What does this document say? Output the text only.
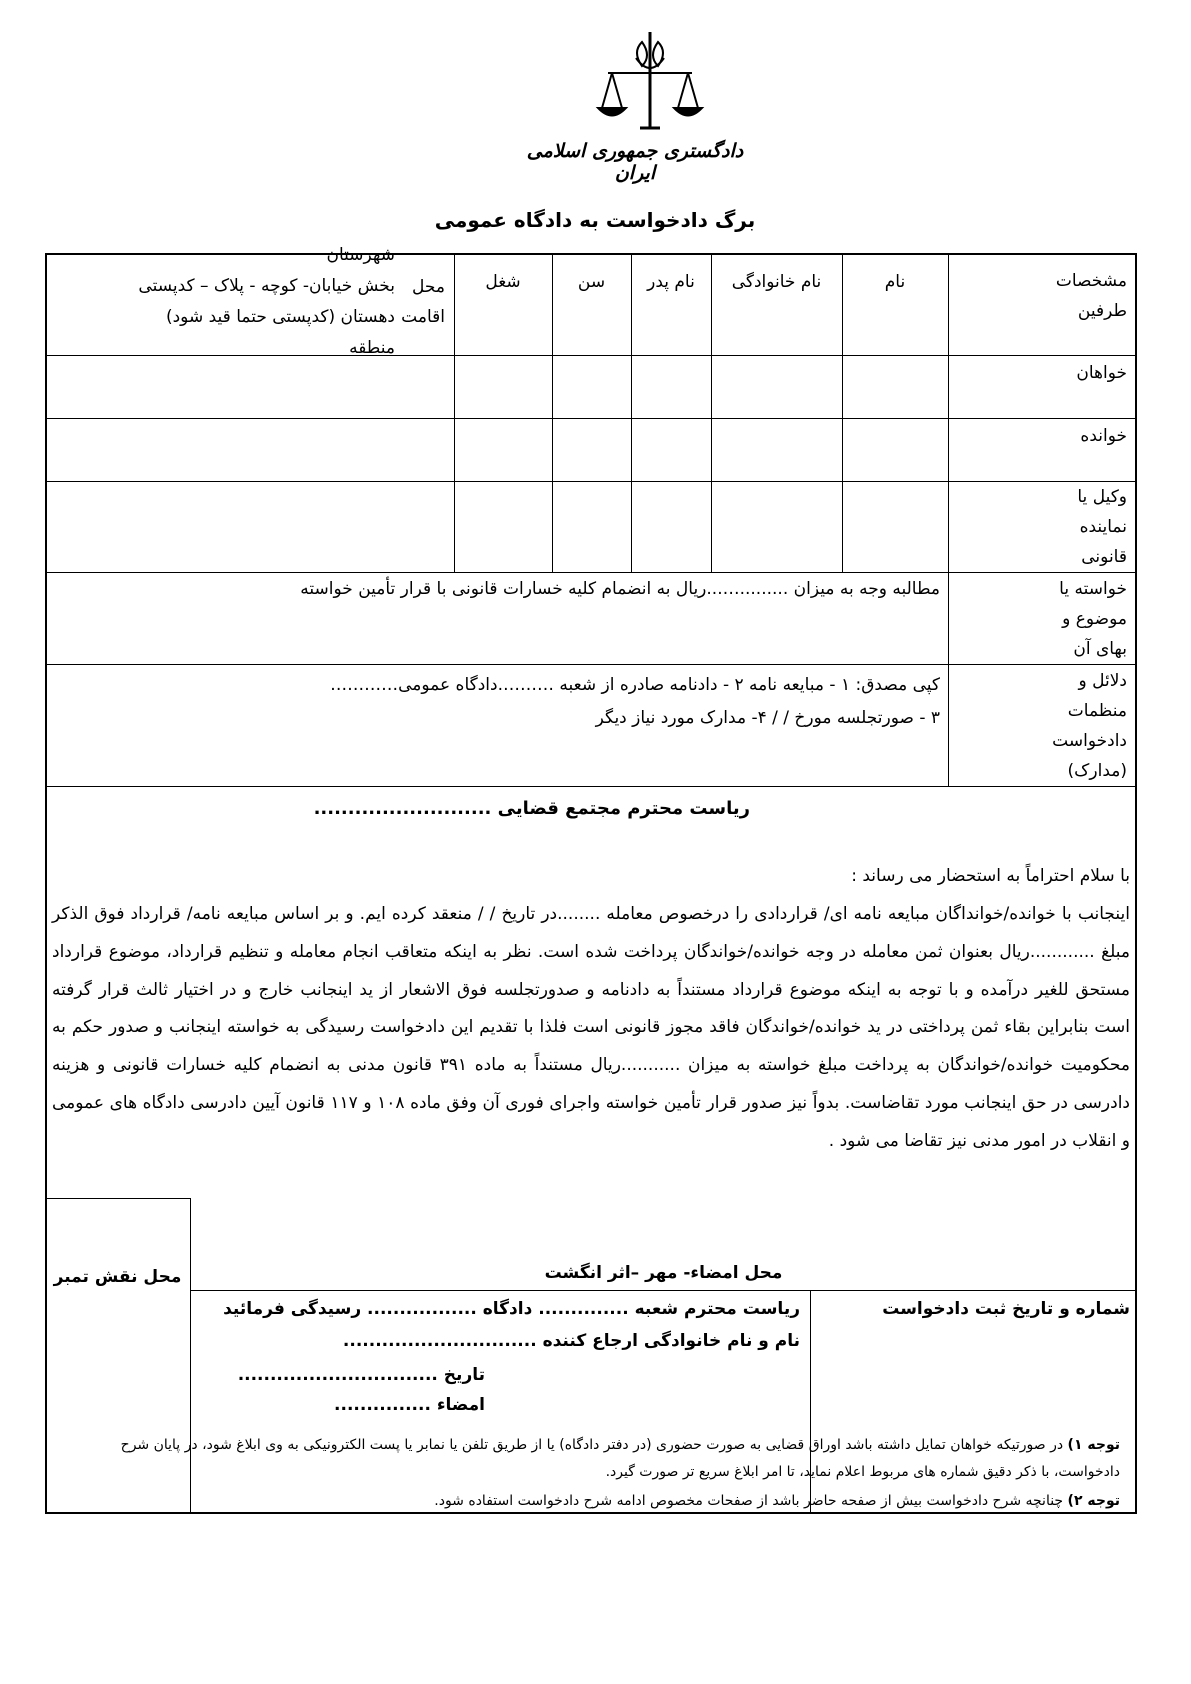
دادگستری جمهوری اسلامی ایران
برگ دادخواست به دادگاه عمومی
مشخصات
طرفین
نام
نام خانوادگی
نام پدر
سن
شغل
محل اقامت
شهرستان
بخش خیابان- کوچه - پلاک – کدپستی
دهستان (کدپستی حتما قید شود)
منطقه
خواهان
خوانده
وکیل یا
نماینده
قانونی
خواسته یا
موضوع و
بهای آن
مطالبه وجه به میزان .........…...ریال به انضمام کلیه خسارات قانونی با قرار تأمین خواسته
دلائل و
منظمات
دادخواست
(مدارک)
کپی مصدق: ۱ - مبایعه نامه ۲ - دادنامه صادره از شعبه ……….دادگاه عمومی…………
۳ - صورتجلسه مورخ / / ۴- مدارک مورد نیاز دیگر
ریاست محترم مجتمع قضایی ..........................
با سلام احتراماً به استحضار می رساند :
اینجانب با خوانده/خوانداگان مبایعه نامه ای/ قراردادی را درخصوص معامله ........در تاریخ / / منعقد کرده ایم. و بر اساس مبایعه نامه/ قرارداد فوق الذکر مبلغ ............ریال بعنوان ثمن معامله در وجه خوانده/خواندگان پرداخت شده است. نظر به اینکه متعاقب انجام معامله و تنظیم قرارداد، موضوع قرارداد مستحق للغیر درآمده و با توجه به اینکه موضوع قرارداد مستنداً به دادنامه و صدورتجلسه فوق الاشعار از ید اینجانب خارج و در اختیار ثالث قرار گرفته است بنابراین بقاء ثمن پرداختی در ید خوانده/خواندگان فاقد مجوز قانونی است فلذا با تقدیم این دادخواست رسیدگی به خواسته اینجانب و صدور حکم به محکومیت خوانده/خواندگان به پرداخت مبلغ خواسته به میزان ...........ریال مستنداً به ماده ۳۹۱ قانون مدنی به انضمام کلیه خسارات قانونی و هزینه دادرسی در حق اینجانب مورد تقاضاست. بدواً نیز صدور قرار تأمین خواسته واجرای فوری آن وفق ماده ۱۰۸ و ۱۱۷ قانون آیین دادرسی دادگاه های عمومی و انقلاب در امور مدنی نیز تقاضا می شود .
محل نقش تمبر	محل امضاء- مهر –اثر انگشت
شماره و تاریخ ثبت دادخواست
ریاست محترم شعبه .............. دادگاه ................. رسیدگی فرمائید
نام و نام خانوادگی ارجاع کننده ..............................
تاریخ ............................... امضاء ...............
توجه ۱) در صورتیکه خواهان تمایل داشته باشد اوراق قضایی به صورت حضوری (در دفتر دادگاه) یا از طریق تلفن یا نمابر یا پست الکترونیکی به وی ابلاغ شود، در پایان شرح دادخواست، با ذکر دقیق شماره های مربوط اعلام نماید، تا امر ابلاغ سریع تر صورت گیرد.
توجه ۲) چنانچه شرح دادخواست بیش از صفحه حاضر باشد از صفحات مخصوص ادامه شرح دادخواست استفاده شود.
